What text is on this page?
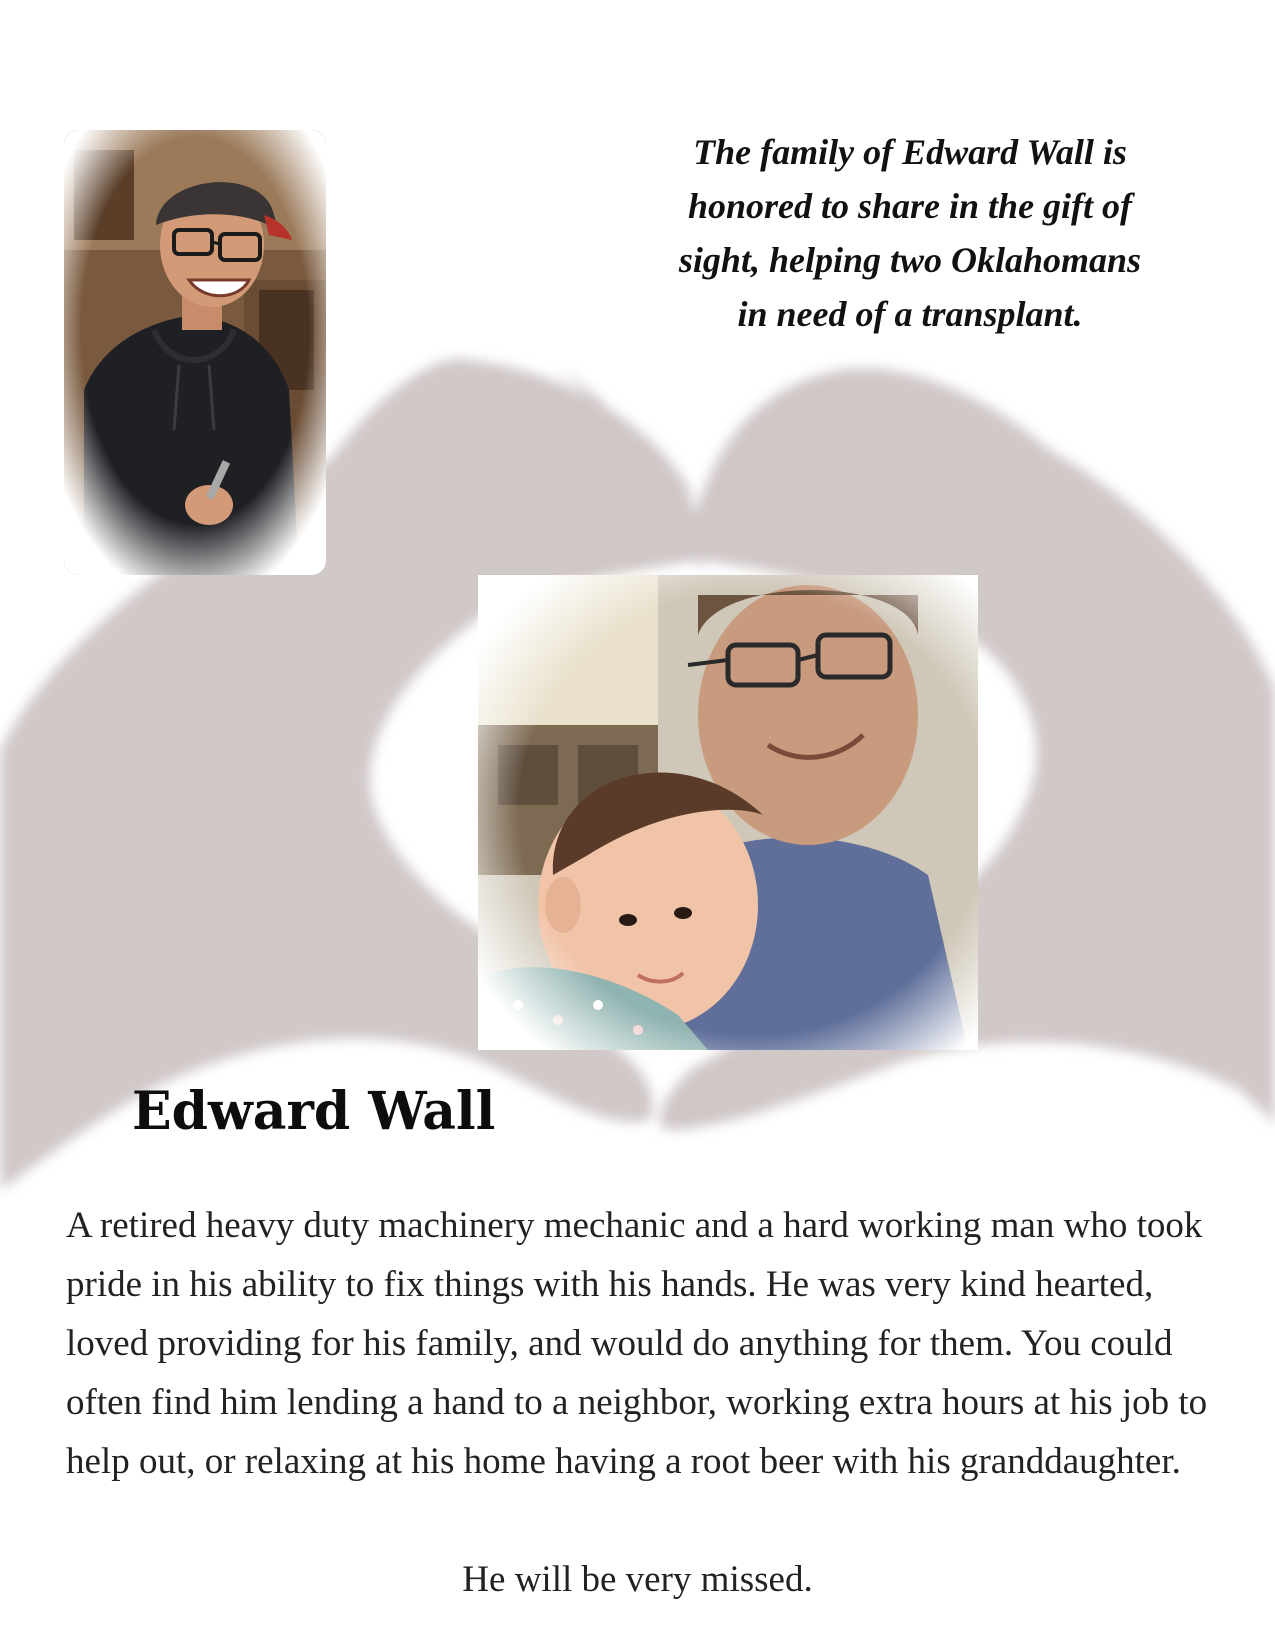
The family of Edward Wall is honored to share in the gift of sight, helping two Oklahomans in need of a transplant.
Edward Wall
A retired heavy duty machinery mechanic and a hard working man who took pride in his ability to fix things with his hands. He was very kind hearted, loved providing for his family, and would do anything for them. You could often find him lending a hand to a neighbor, working extra hours at his job to help out, or relaxing at his home having a root beer with his granddaughter.
He will be very missed.
